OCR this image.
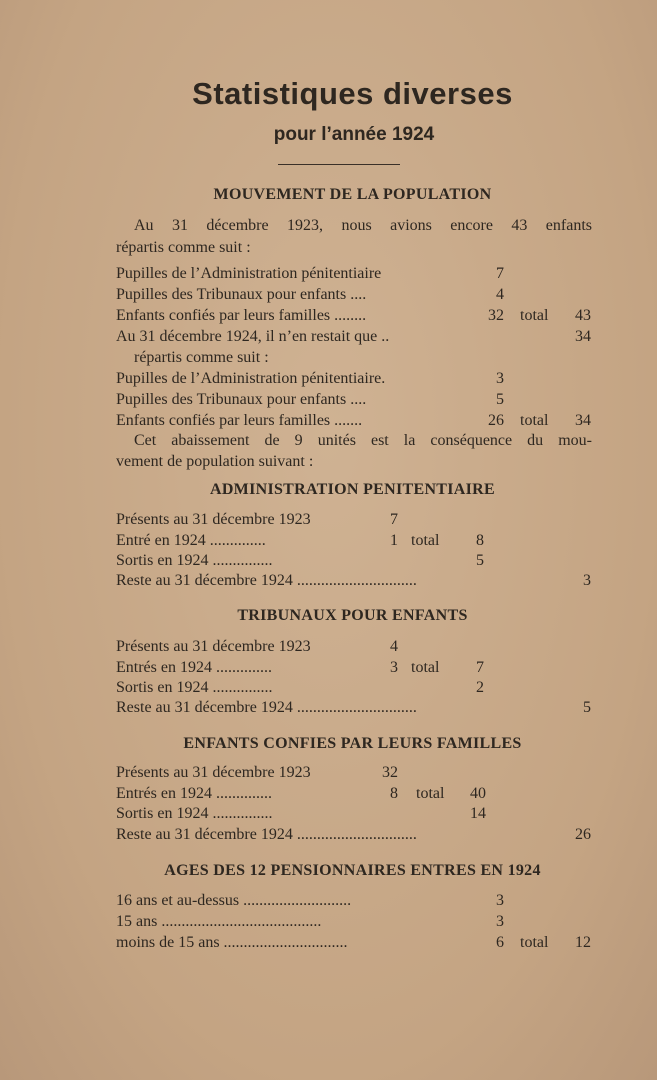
Statistiques diverses
pour l’année 1924
MOUVEMENT DE LA POPULATION
Au 31 décembre 1923, nous avions encore 43 enfants
répartis comme suit :
Pupilles de l’Administration pénitentiaire	7
Pupilles des Tribunaux pour enfants ....	4
Enfants confiés par leurs familles ........	32 total	43
Au 31 décembre 1924, il n’en restait que ..	34
répartis comme suit :
Pupilles de l’Administration pénitentiaire.	3
Pupilles des Tribunaux pour enfants ....	5
Enfants confiés par leurs familles .......	26 total	34
Cet abaissement de 9 unités est la conséquence du mou-
vement de population suivant :
ADMINISTRATION PENITENTIAIRE
Présents au 31 décembre 1923	7
Entré en 1924 ..............	1 total	8
Sortis en 1924 ...............	5
Reste au 31 décembre 1924 ..............................	3
TRIBUNAUX POUR ENFANTS
Présents au 31 décembre 1923	4
Entrés en 1924 ..............	3 total	7
Sortis en 1924 ...............	2
Reste au 31 décembre 1924 ..............................	5
ENFANTS CONFIES PAR LEURS FAMILLES
Présents au 31 décembre 1923	32
Entrés en 1924 ..............	8 total	40
Sortis en 1924 ...............	14
Reste au 31 décembre 1924 ..............................	26
AGES DES 12 PENSIONNAIRES ENTRES EN 1924
16 ans et au-dessus ...........................	3
15 ans ........................................	3
moins de 15 ans ...............................	6 total	12
